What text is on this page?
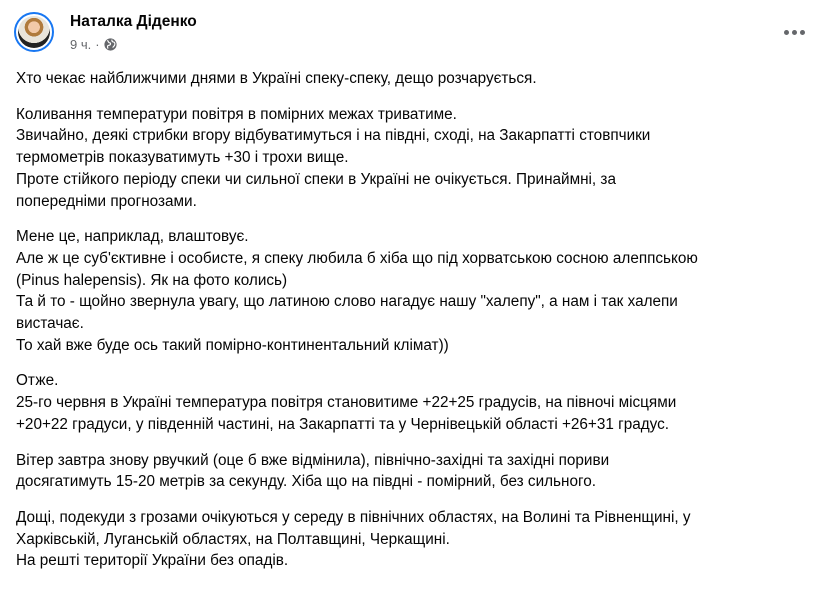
Наталка Діденко
9 ч. ·

Хто чекає найближчими днями в Україні спеку-спеку, дещо розчарується.

Коливання температури повітря в помірних межах триватиме.
Звичайно, деякі стрибки вгору відбуватимуться і на півдні, сході, на Закарпатті стовпчики
термометрів показуватимуть +30 і трохи вище.
Проте стійкого періоду спеки чи сильної спеки в Україні не очікується. Принаймні, за
попередніми прогнозами.

Мене це, наприклад, влаштовує.
Але ж це суб'єктивне і особисте, я спеку любила б хіба що під хорватською сосною алеппською
(Pinus halepensis). Як на фото колись)
Та й то - щойно звернула увагу, що латиною слово нагадує нашу "халепу", а нам і так халепи
вистачає.
То хай вже буде ось такий помірно-континентальний клімат))

Отже.
25-го червня в Україні температура повітря становитиме +22+25 градусів, на півночі місцями
+20+22 градуси, у південній частині, на Закарпатті та у Чернівецькій області +26+31 градус.

Вітер завтра знову рвучкий (оце б вже відмінила), північно-західні та західні пориви
досягатимуть 15-20 метрів за секунду. Хіба що на півдні - помірний, без сильного.

Дощі, подекуди з грозами очікуються у середу в північних областях, на Волині та Рівненщині, у
Харківській, Луганській областях, на Полтавщині, Черкащині.
На решті території України без опадів.
